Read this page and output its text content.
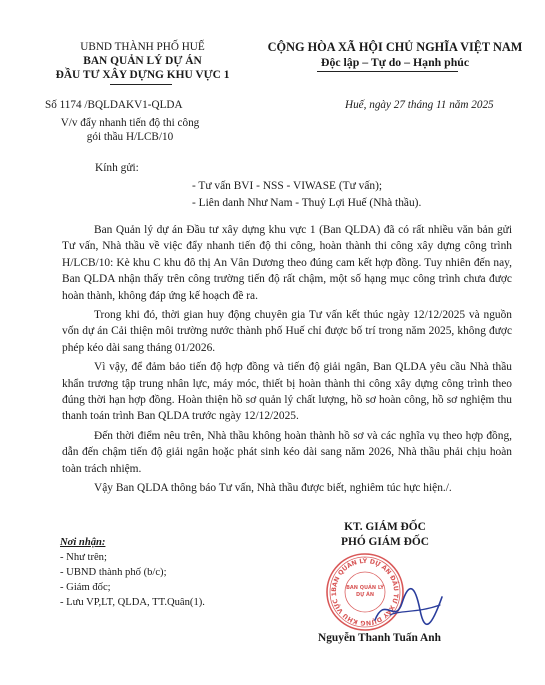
UBND THÀNH PHỐ HUẾ
BAN QUẢN LÝ DỰ ÁN
ĐẦU TƯ XÂY DỰNG KHU VỰC 1
CỘNG HÒA XÃ HỘI CHỦ NGHĨA VIỆT NAM
Độc lập – Tự do – Hạnh phúc
Số 1174 /BQLDAKV1-QLDA
V/v đẩy nhanh tiến độ thi công
gói thầu H/LCB/10
Huế, ngày 27 tháng 11 năm 2025
Kính gửi:
- Tư vấn BVI - NSS - VIWASE (Tư vấn);
- Liên danh Như Nam - Thuỷ Lợi Huế (Nhà thầu).

Ban Quản lý dự án Đầu tư xây dựng khu vực 1 (Ban QLDA) đã có rất nhiều văn bản gửi Tư vấn, Nhà thầu về việc đẩy nhanh tiến độ thi công, hoàn thành thi công xây dựng công trình H/LCB/10: Kè khu C khu đô thị An Vân Dương theo đúng cam kết hợp đồng. Tuy nhiên đến nay, Ban QLDA nhận thấy trên công trường tiến độ rất chậm, một số hạng mục công trình chưa được hoàn thành, không đáp ứng kế hoạch đề ra.

Trong khi đó, thời gian huy động chuyên gia Tư vấn kết thúc ngày 12/12/2025 và nguồn vốn dự án Cải thiện môi trường nước thành phố Huế chỉ được bố trí trong năm 2025, không được phép kéo dài sang tháng 01/2026.

Vì vậy, để đảm bảo tiến độ hợp đồng và tiến độ giải ngân, Ban QLDA yêu cầu Nhà thầu khẩn trương tập trung nhân lực, máy móc, thiết bị hoàn thành thi công xây dựng công trình theo đúng thời hạn hợp đồng. Hoàn thiện hồ sơ quản lý chất lượng, hồ sơ hoàn công, hồ sơ nghiệm thu thanh toán trình Ban QLDA trước ngày 12/12/2025.

Đến thời điểm nêu trên, Nhà thầu không hoàn thành hồ sơ và các nghĩa vụ theo hợp đồng, dẫn đến chậm tiến độ giải ngân hoặc phát sinh kéo dài sang năm 2026, Nhà thầu phải chịu hoàn toàn trách nhiệm.

Vậy Ban QLDA thông báo Tư vấn, Nhà thầu được biết, nghiêm túc hực hiện./.

Nơi nhận:
- Như trên;
- UBND thành phố (b/c);
- Giám đốc;
- Lưu VP,LT, QLDA, TT.Quân(1).
KT. GIÁM ĐỐC
PHÓ GIÁM ĐỐC
BAN QUẢN LÝ DỰ ÁN ĐẦU TƯ XÂY DỰNG KHU VỰC 1
BAN QUẢN LÝ
DỰ ÁN
Nguyễn Thanh Tuấn Anh
